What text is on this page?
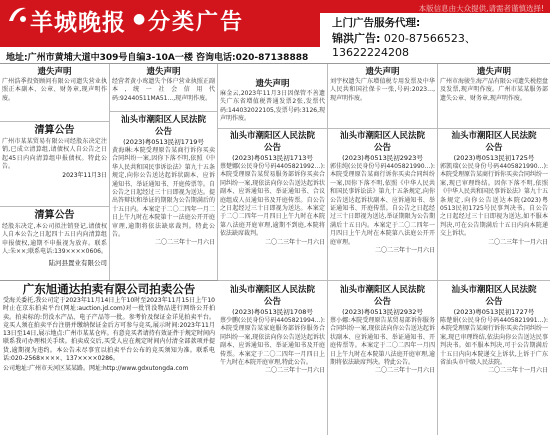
羊城晚报 ● 分类广告
本版信息由大众提供,请需者谨慎选择!
上门广告服务代理:
锦洪广告: 020-87566523、13622224208
地址:广州市黄埔大道中309号自编3-10A一楼 咨询电话:020-87138888
遗失声明
广州浩季投资顾问有限公司遗失营业执照正本副本、公章、财务章,现声明作废。
清算公告
广州市某某贸易有限公司经股东决定注销,已成立清算组,请债权人自公告之日起45日内向清算组申报债权。特此公告。
2023年11月3日
清算公告
经股东决定,本公司拟注销登记,请债权人自本公告之日起四十五日内向清算组申报债权,逾期不申报视为放弃。联系人:朱××;联系电话:139××××0606。
陆河县置业有限公司
遗失声明
经营者黄小鸾遗失个体户营业执照正副本,统一社会信用代码:92440511MA51...,现声明作废。
汕头市潮阳区人民法院
公告
(2023)粤0513民初1719号
黄海琳:本院受理原告某商行诉你买卖合同纠纷一案,因你下落不明,依照《中华人民共和国民事诉讼法》第九十五条规定,向你公告送达起诉状副本、应诉通知书、举证通知书、开庭传票等。自公告之日起经过三十日即视为送达。提出答辩状和举证的期限为公告期满后的十五日内。本案定于二〇二四年一月二日上午九时在本院第十一法庭公开开庭审理,逾期将依法缺席裁判。特此公告。
二〇二三年十一月六日
广东旭通达拍卖有限公司拍卖公告
受海关委托,我公司定于2023年11月14日上午10时至2023年11月15日上午10时止在京东拍卖平台(网址:auction.jd.com)对一批罚没物品进行网络公开拍卖。拍卖标的:罚没水产品、电子产品等一批。参考价及保证金详见拍卖平台。竞买人须在拍卖平台注册并缴纳保证金后方可参与竞买,展示时间:2023年11月13日至14日,展示地点:广州市某某仓库。有意竞买者请持有效证件于规定时间内联系我司办理相关手续。拍卖成交后,买受人应在规定时间内付清全部款项并提货,逾期视为违约。本公告未尽事宜以拍卖平台公布的竞买须知为准。联系电话:020-2568××××、137××××0286。
公司地址:广州市天河区某某路。网址:http://www.gdxutongda.com
遗失声明
麻金云,2023年11月3日因保管不善遗失广东省增值税普通发票2张,发票代码:144032022105,发票号码:3126,现声明作废。
汕头市潮阳区人民法院
公告
(2023)粤0513民初1713号
蔡楚娜(公民身份号码4405821992…):本院受理原告某贸易服务部诉你买卖合同纠纷一案,现依法向你公告送达起诉状副本、应诉通知书、举证通知书、合议庭组成人员通知书及开庭传票。自公告之日起经过三十日即视为送达。本案定于二〇二四年一月四日上午九时在本院第八法庭开庭审理,逾期不到庭,本院将依法缺席裁判。
二〇二三年十一月六日
汕头市潮阳区人民法院
公告
(2023)粤0513民初1708号
蔡少鹏(公民身份号码4405821994…):本院受理原告某家庭服务部诉你服务合同纠纷一案,现依法向你公告送达起诉状副本、应诉通知书、举证通知书及开庭传票。本案定于二〇二四年一月四日上午九时在本院开庭审理,特此公告。
二〇二三年十一月六日
遗失声明
刘宇权遗失广东增值税专用发票及中华人民共和国社保卡一张,号码:2023…,现声明作废。
汕头市潮阳区人民法院
公告
(2023)粤0513民初2923号
郭佳纯(公民身份号码4405821990…):本院受理原告某商行诉你买卖合同纠纷一案,因你下落不明,依照《中华人民共和国民事诉讼法》第九十五条规定,向你公告送达起诉状副本、应诉通知书、举证通知书、开庭传票。自公告之日起经过三十日即视为送达,举证期限为公告期满后十五日内。本案定于二〇二四年一月四日上午九时在本院第八法庭公开开庭审理。
二〇二三年十一月六日
汕头市潮阳区人民法院
公告
(2023)粤0513民初2932号
蔡小娜:本院受理原告某贸易部诉你服务合同纠纷一案,现依法向你公告送达起诉状副本、应诉通知书、举证通知书、开庭传票等。本案定于二〇二四年一月四日上午九时在本院第八法庭开庭审理,逾期将依法缺席判决。特此公告。
二〇二三年十一月六日
遗失声明
广州市海骏生海产品有限公司遗失税控盘及发票,现声明作废。广州市某某服务部遗失公章、财务章,现声明作废。
汕头市潮阳区人民法院
公告
(2023)粤0513民初1725号
郭凯瑞(公民身份号码4405821990…):本院受理原告某商行诉你买卖合同纠纷一案,现已审理终结。因你下落不明,依照《中华人民共和国民事诉讼法》第九十五条规定,向你公告送达本院(2023)粤0513民初1725号民事判决书。自公告之日起经过三十日即视为送达,如不服本判决,可在公告期满后十五日内向本院递交上诉状。
二〇二三年十一月六日
汕头市潮阳区人民法院
公告
(2023)粤0513民初1727号
陈楚娟(公民身份号码4405821991…):本院受理原告某商行诉你买卖合同纠纷一案,现已审理终结,依法向你公告送达民事判决书。如不服本判决,可于公告期满后十五日内向本院递交上诉状,上诉于广东省汕头市中级人民法院。
二〇二三年十一月六日
